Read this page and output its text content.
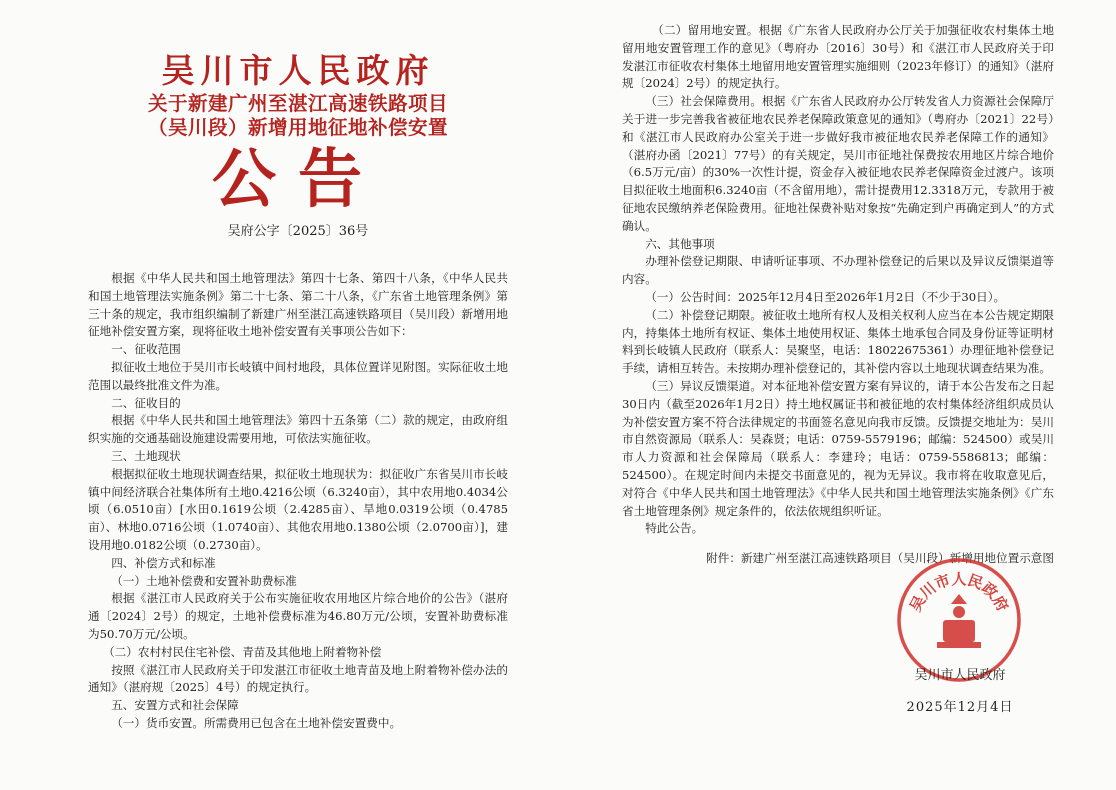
吴川市人民政府
关于新建广州至湛江高速铁路项目
（吴川段）新增用地征地补偿安置
公告
吴府公字〔2025〕36号

根据《中华人民共和国土地管理法》第四十七条、第四十八条，《中华人民共和国土地管理法实施条例》第二十七条、第二十八条，《广东省土地管理条例》第三十条的规定，我市组织编制了新建广州至湛江高速铁路项目（吴川段）新增用地征地补偿安置方案，现将征收土地补偿安置有关事项公告如下：

一、征收范围

拟征收土地位于吴川市长岐镇中间村地段，具体位置详见附图。实际征收土地范围以最终批准文件为准。

二、征收目的

根据《中华人民共和国土地管理法》第四十五条第（二）款的规定，由政府组织实施的交通基础设施建设需要用地，可依法实施征收。

三、土地现状

根据拟征收土地现状调查结果，拟征收土地现状为：拟征收广东省吴川市长岐镇中间经济联合社集体所有土地0.4216公顷（6.3240亩），其中农用地0.4034公顷（6.0510亩）[水田0.1619公顷（2.4285亩）、旱地0.0319公顷（0.4785亩）、林地0.0716公顷（1.0740亩）、其他农用地0.1380公顷（2.0700亩）]，建设用地0.0182公顷（0.2730亩）。

四、补偿方式和标准

（一）土地补偿费和安置补助费标准

根据《湛江市人民政府关于公布实施征收农用地区片综合地价的公告》（湛府通〔2024〕2号）的规定，土地补偿费标准为46.80万元/公顷，安置补助费标准为50.70万元/公顷。

（二）农村村民住宅补偿、青苗及其他地上附着物补偿

按照《湛江市人民政府关于印发湛江市征收土地青苗及地上附着物补偿办法的通知》（湛府规〔2025〕4号）的规定执行。

五、安置方式和社会保障

（一）货币安置。所需费用已包含在土地补偿安置费中。

（二）留用地安置。根据《广东省人民政府办公厅关于加强征收农村集体土地留用地安置管理工作的意见》（粤府办〔2016〕30号）和《湛江市人民政府关于印发湛江市征收农村集体土地留用地安置管理实施细则（2023年修订）的通知》（湛府规〔2024〕2号）的规定执行。

（三）社会保障费用。根据《广东省人民政府办公厅转发省人力资源社会保障厅关于进一步完善我省被征地农民养老保障政策意见的通知》（粤府办〔2021〕22号）和《湛江市人民政府办公室关于进一步做好我市被征地农民养老保障工作的通知》（湛府办函〔2021〕77号）的有关规定，吴川市征地社保费按农用地区片综合地价（6.5万元/亩）的30%一次性计提，资金存入被征地农民养老保障资金过渡户。该项目拟征收土地面积6.3240亩（不含留用地），需计提费用12.3318万元，专款用于被征地农民缴纳养老保险费用。征地社保费补贴对象按“先确定到户再确定到人”的方式确认。

六、其他事项

办理补偿登记期限、申请听证事项、不办理补偿登记的后果以及异议反馈渠道等内容。

（一）公告时间：2025年12月4日至2026年1月2日（不少于30日）。

（二）补偿登记期限。被征收土地所有权人及相关权利人应当在本公告规定期限内，持集体土地所有权证、集体土地使用权证、集体土地承包合同及身份证等证明材料到长岐镇人民政府（联系人：吴聚坚，电话：18022675361）办理征地补偿登记手续，请相互转告。未按期办理补偿登记的，其补偿内容以土地现状调查结果为准。

（三）异议反馈渠道。对本征地补偿安置方案有异议的，请于本公告发布之日起30日内（截至2026年1月2日）持土地权属证书和被征地的农村集体经济组织成员认为补偿安置方案不符合法律规定的书面签名意见向我市反馈。反馈提交地址为：吴川市自然资源局（联系人：吴森贤；电话：0759-5579196；邮编：524500）或吴川市人力资源和社会保障局（联系人：李建玲；电话：0759-5586813；邮编：524500）。在规定时间内未提交书面意见的，视为无异议。我市将在收取意见后，对符合《中华人民共和国土地管理法》《中华人民共和国土地管理法实施条例》《广东省土地管理条例》规定条件的，依法依规组织听证。

特此公告。

附件：新建广州至湛江高速铁路项目（吴川段）新增用地位置示意图
吴川市人民政府
吴川市人民政府
2025年12月4日
